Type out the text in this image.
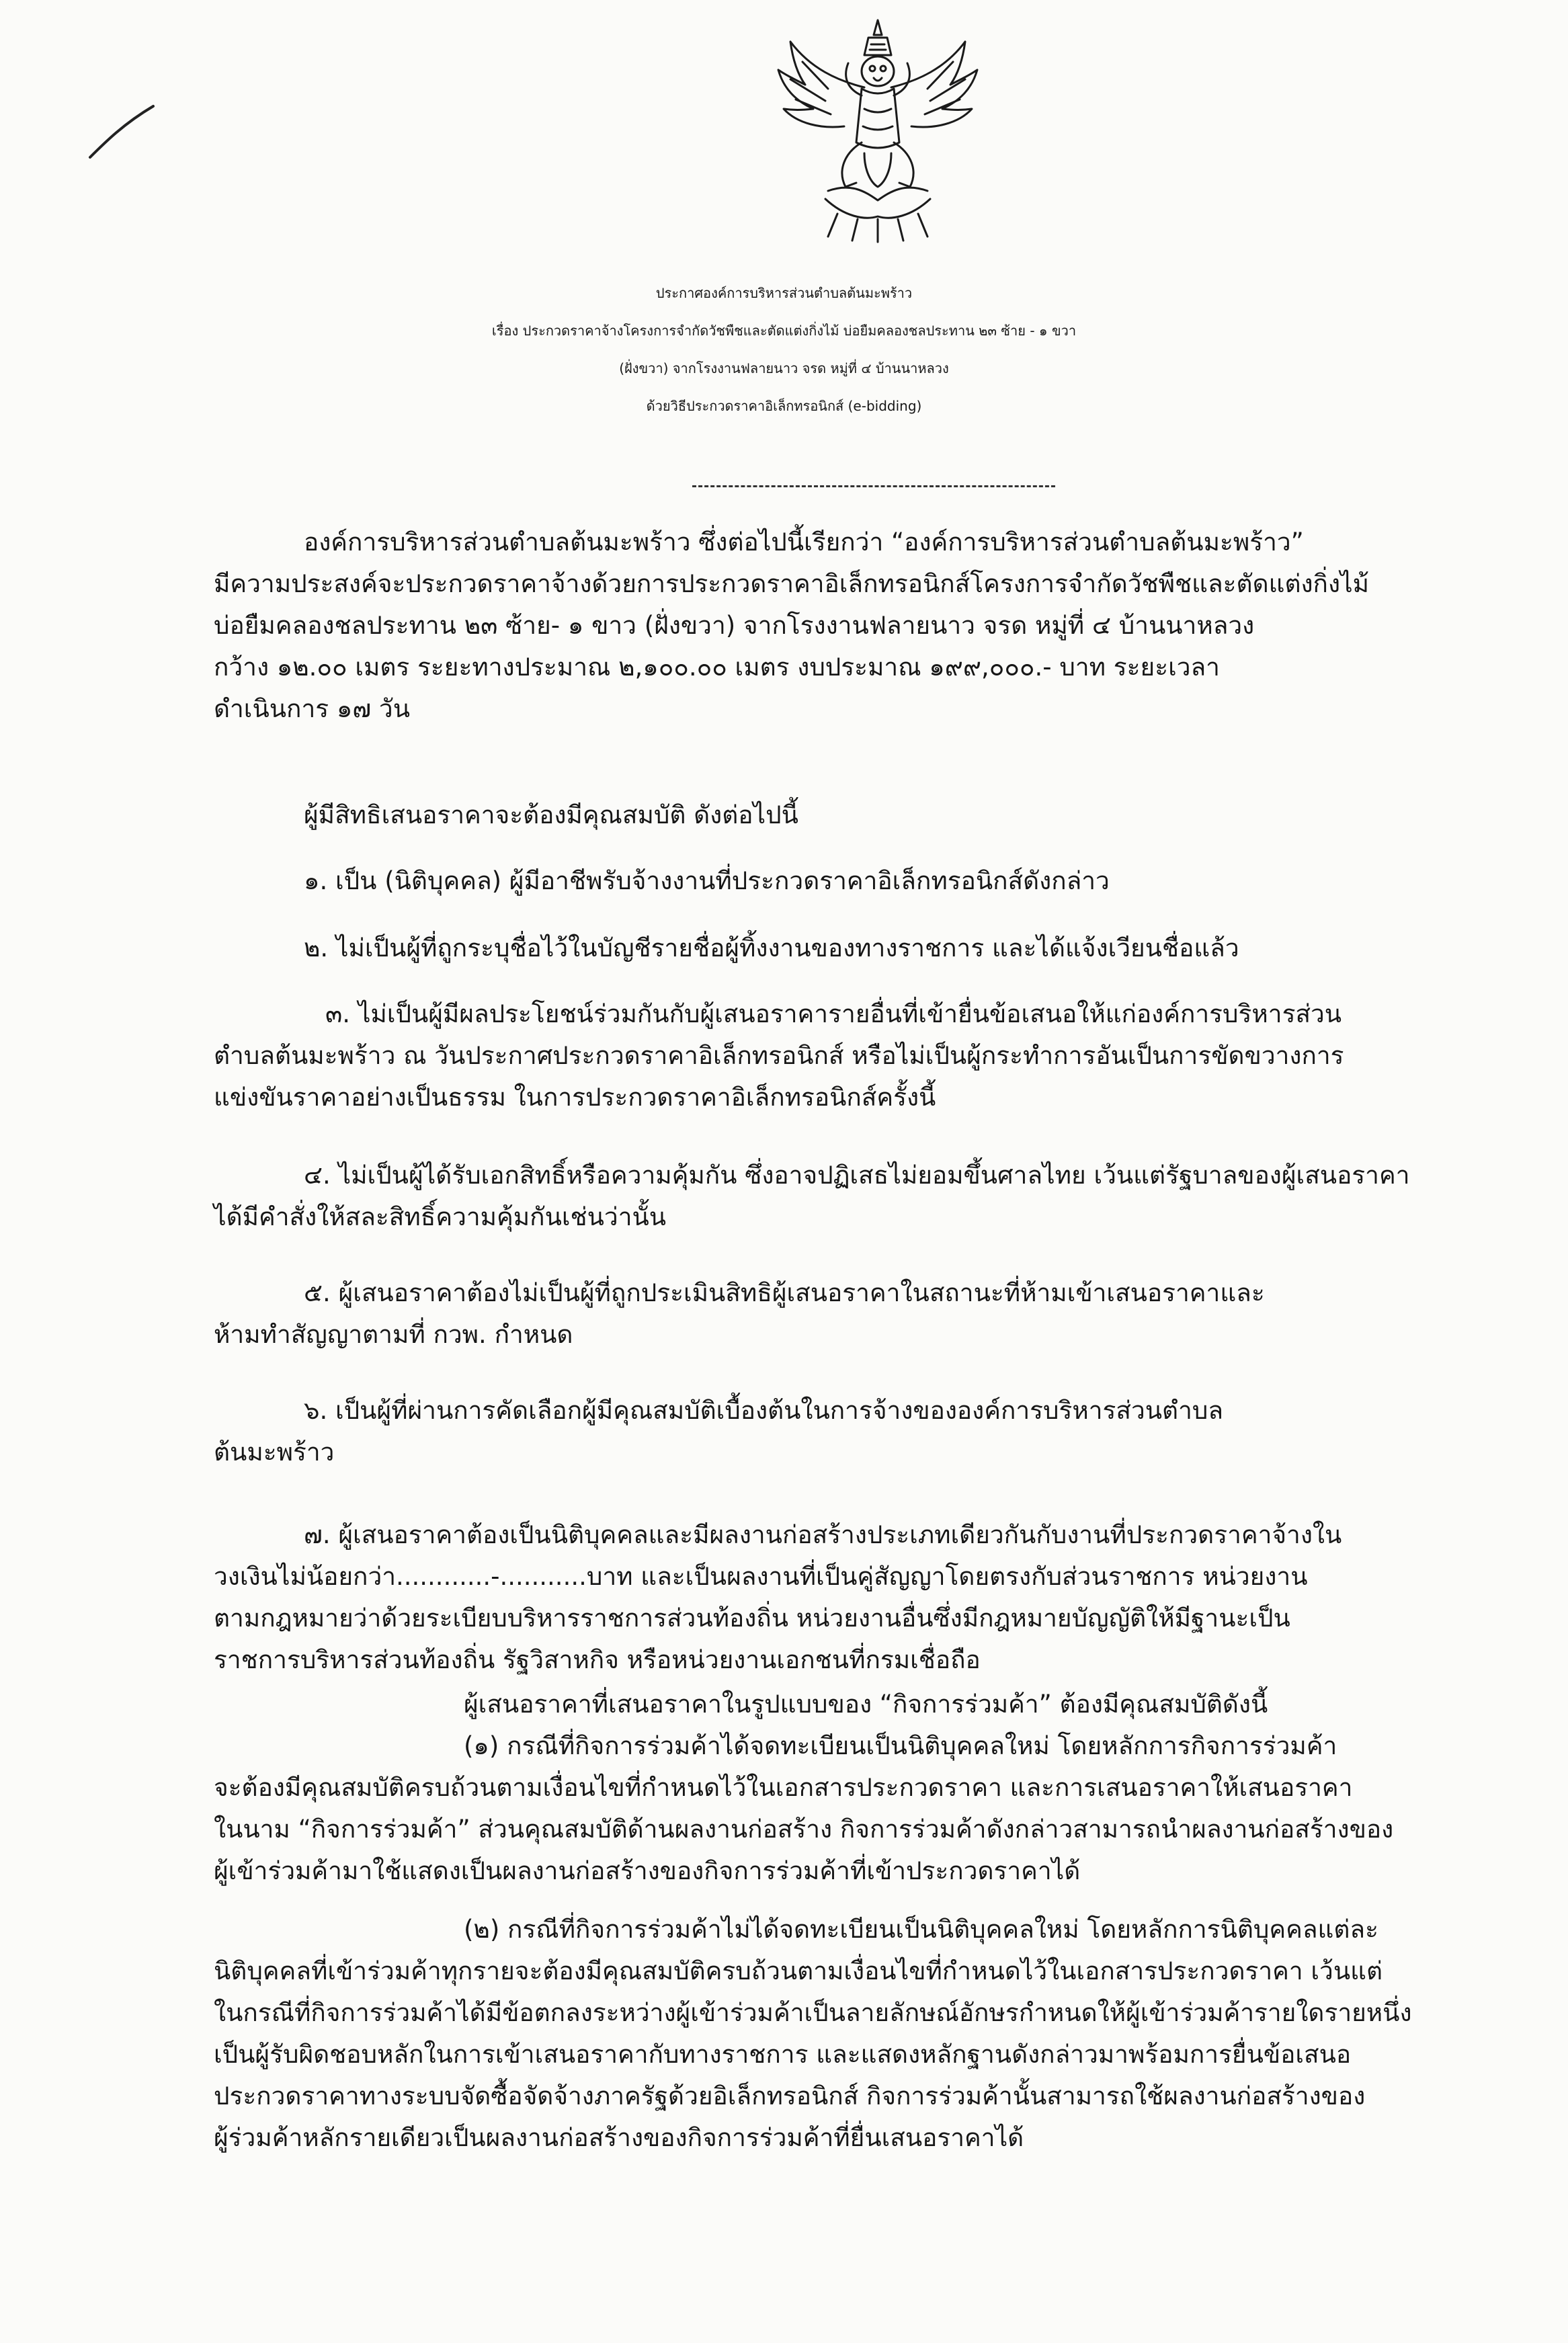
ประกาศองค์การบริหารส่วนตำบลต้นมะพร้าว
เรื่อง ประกวดราคาจ้างโครงการจำกัดวัชพืชและตัดแต่งกิ่งไม้ บ่อยืมคลองชลประทาน ๒๓ ซ้าย - ๑ ขวา
(ฝั่งขวา) จากโรงงานฟลายนาว จรด หมู่ที่ ๔ บ้านนาหลวง
ด้วยวิธีประกวดราคาอิเล็กทรอนิกส์ (e-bidding)
องค์การบริหารส่วนตำบลต้นมะพร้าว ซึ่งต่อไปนี้เรียกว่า “องค์การบริหารส่วนตำบลต้นมะพร้าว”
มีความประสงค์จะประกวดราคาจ้างด้วยการประกวดราคาอิเล็กทรอนิกส์โครงการจำกัดวัชพืชและตัดแต่งกิ่งไม้
บ่อยืมคลองชลประทาน ๒๓ ซ้าย- ๑ ขาว (ฝั่งขวา) จากโรงงานฟลายนาว จรด หมู่ที่ ๔ บ้านนาหลวง
กว้าง ๑๒.๐๐ เมตร ระยะทางประมาณ ๒,๑๐๐.๐๐ เมตร งบประมาณ ๑๙๙,๐๐๐.- บาท ระยะเวลา
ดำเนินการ ๑๗ วัน
ผู้มีสิทธิเสนอราคาจะต้องมีคุณสมบัติ ดังต่อไปนี้
๑. เป็น (นิติบุคคล) ผู้มีอาชีพรับจ้างงานที่ประกวดราคาอิเล็กทรอนิกส์ดังกล่าว
๒. ไม่เป็นผู้ที่ถูกระบุชื่อไว้ในบัญชีรายชื่อผู้ทิ้งงานของทางราชการ และได้แจ้งเวียนชื่อแล้ว
๓. ไม่เป็นผู้มีผลประโยชน์ร่วมกันกับผู้เสนอราคารายอื่นที่เข้ายื่นข้อเสนอให้แก่องค์การบริหารส่วน
ตำบลต้นมะพร้าว ณ วันประกาศประกวดราคาอิเล็กทรอนิกส์ หรือไม่เป็นผู้กระทำการอันเป็นการขัดขวางการ
แข่งขันราคาอย่างเป็นธรรม ในการประกวดราคาอิเล็กทรอนิกส์ครั้งนี้
๔. ไม่เป็นผู้ได้รับเอกสิทธิ์หรือความคุ้มกัน ซึ่งอาจปฏิเสธไม่ยอมขึ้นศาลไทย เว้นแต่รัฐบาลของผู้เสนอราคา
ได้มีคำสั่งให้สละสิทธิ์ความคุ้มกันเช่นว่านั้น
๕. ผู้เสนอราคาต้องไม่เป็นผู้ที่ถูกประเมินสิทธิผู้เสนอราคาในสถานะที่ห้ามเข้าเสนอราคาและ
ห้ามทำสัญญาตามที่ กวพ. กำหนด
๖. เป็นผู้ที่ผ่านการคัดเลือกผู้มีคุณสมบัติเบื้องต้นในการจ้างขององค์การบริหารส่วนตำบล
ต้นมะพร้าว
๗. ผู้เสนอราคาต้องเป็นนิติบุคคลและมีผลงานก่อสร้างประเภทเดียวกันกับงานที่ประกวดราคาจ้างใน
วงเงินไม่น้อยกว่า............-...........บาท และเป็นผลงานที่เป็นคู่สัญญาโดยตรงกับส่วนราชการ หน่วยงาน
ตามกฎหมายว่าด้วยระเบียบบริหารราชการส่วนท้องถิ่น หน่วยงานอื่นซึ่งมีกฎหมายบัญญัติให้มีฐานะเป็น
ราชการบริหารส่วนท้องถิ่น รัฐวิสาหกิจ หรือหน่วยงานเอกชนที่กรมเชื่อถือ
ผู้เสนอราคาที่เสนอราคาในรูปแบบของ “กิจการร่วมค้า” ต้องมีคุณสมบัติดังนี้
(๑) กรณีที่กิจการร่วมค้าได้จดทะเบียนเป็นนิติบุคคลใหม่ โดยหลักการกิจการร่วมค้า
จะต้องมีคุณสมบัติครบถ้วนตามเงื่อนไขที่กำหนดไว้ในเอกสารประกวดราคา และการเสนอราคาให้เสนอราคา
ในนาม “กิจการร่วมค้า” ส่วนคุณสมบัติด้านผลงานก่อสร้าง กิจการร่วมค้าดังกล่าวสามารถนำผลงานก่อสร้างของ
ผู้เข้าร่วมค้ามาใช้แสดงเป็นผลงานก่อสร้างของกิจการร่วมค้าที่เข้าประกวดราคาได้
(๒) กรณีที่กิจการร่วมค้าไม่ได้จดทะเบียนเป็นนิติบุคคลใหม่ โดยหลักการนิติบุคคลแต่ละ
นิติบุคคลที่เข้าร่วมค้าทุกรายจะต้องมีคุณสมบัติครบถ้วนตามเงื่อนไขที่กำหนดไว้ในเอกสารประกวดราคา เว้นแต่
ในกรณีที่กิจการร่วมค้าได้มีข้อตกลงระหว่างผู้เข้าร่วมค้าเป็นลายลักษณ์อักษรกำหนดให้ผู้เข้าร่วมค้ารายใดรายหนึ่ง
เป็นผู้รับผิดชอบหลักในการเข้าเสนอราคากับทางราชการ และแสดงหลักฐานดังกล่าวมาพร้อมการยื่นข้อเสนอ
ประกวดราคาทางระบบจัดซื้อจัดจ้างภาครัฐด้วยอิเล็กทรอนิกส์ กิจการร่วมค้านั้นสามารถใช้ผลงานก่อสร้างของ
ผู้ร่วมค้าหลักรายเดียวเป็นผลงานก่อสร้างของกิจการร่วมค้าที่ยื่นเสนอราคาได้
